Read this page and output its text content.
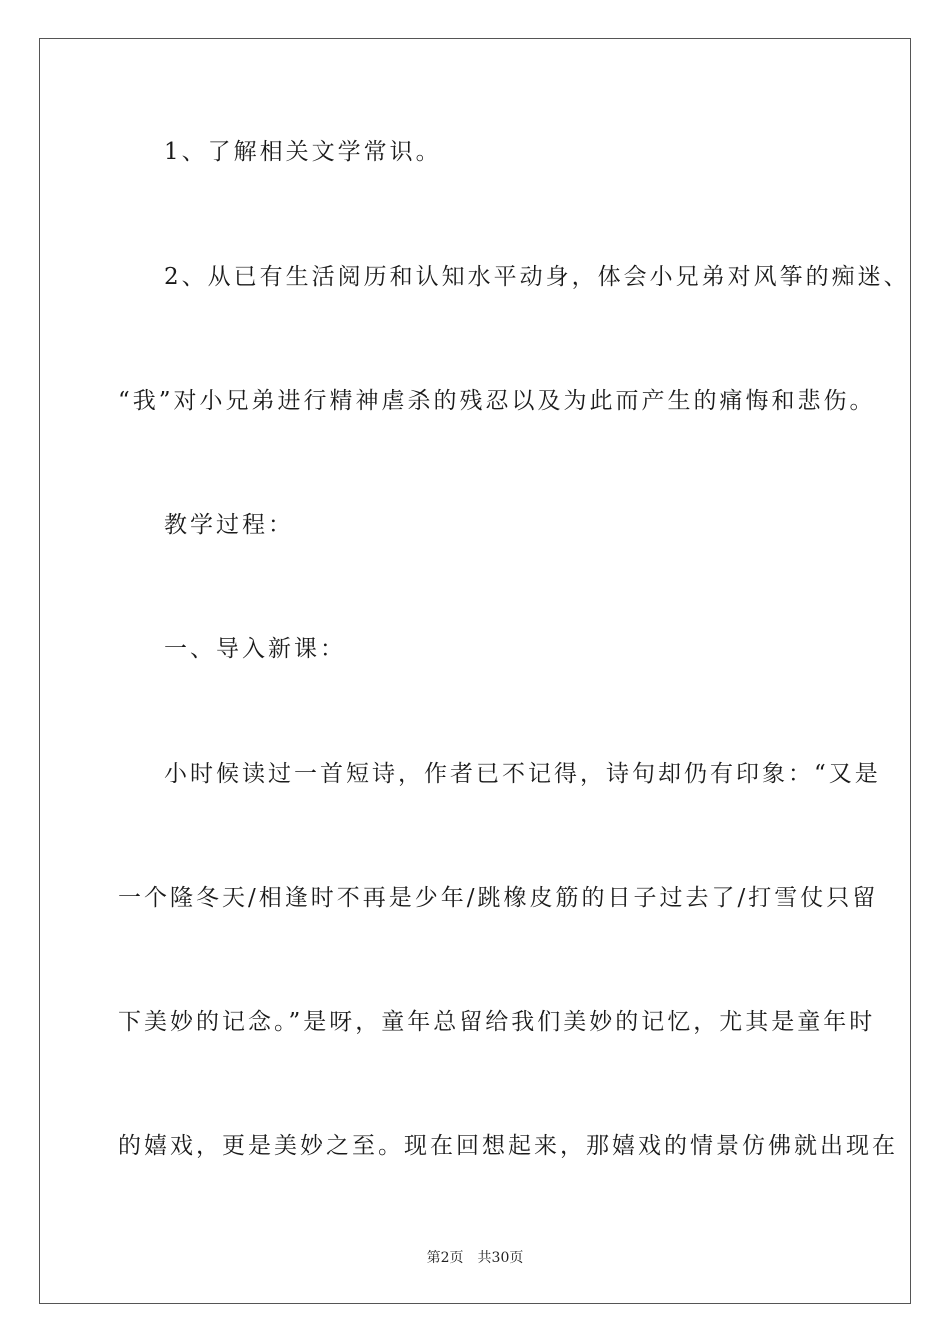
1、了解相关文学常识。
2、从已有生活阅历和认知水平动身，体会小兄弟对风筝的痴迷、
“我”对小兄弟进行精神虐杀的残忍以及为此而产生的痛悔和悲伤。
教学过程：
一、导入新课：
小时候读过一首短诗，作者已不记得，诗句却仍有印象：“又是
一个隆冬天/相逢时不再是少年/跳橡皮筋的日子过去了/打雪仗只留
下美妙的记念。”是呀，童年总留给我们美妙的记忆，尤其是童年时
的嬉戏，更是美妙之至。现在回想起来，那嬉戏的情景仿佛就出现在
第2页　共30页
